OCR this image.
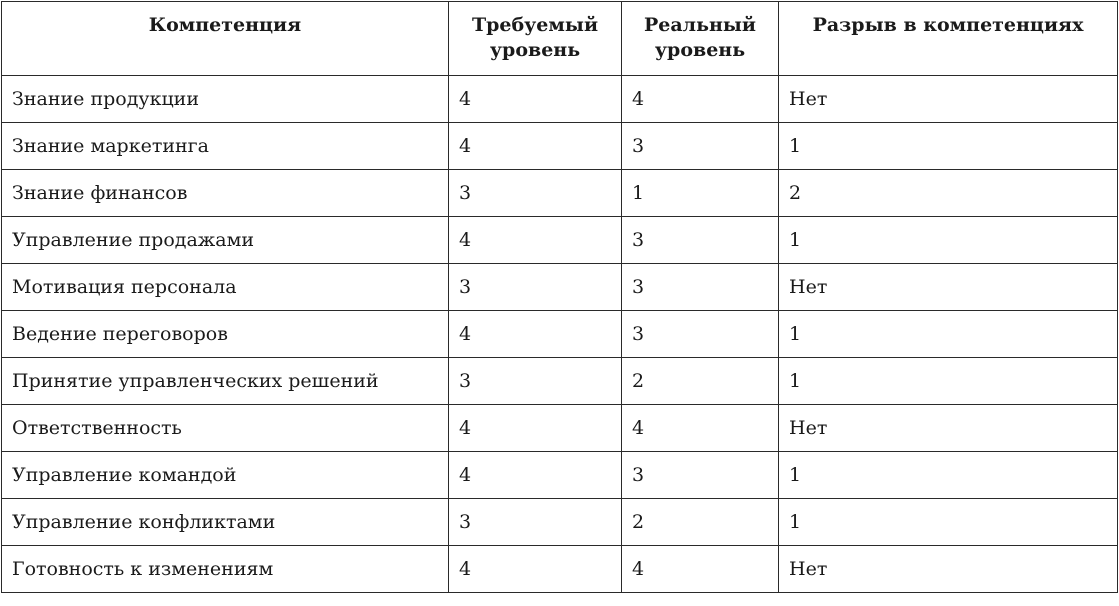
Компетенция	Требуемый уровень	Реальный уровень	Разрыв в компетенциях
Знание продукции	4	4	Нет
Знание маркетинга	4	3	1
Знание финансов	3	1	2
Управление продажами	4	3	1
Мотивация персонала	3	3	Нет
Ведение переговоров	4	3	1
Принятие управленческих решений	3	2	1
Ответственность	4	4	Нет
Управление командой	4	3	1
Управление конфликтами	3	2	1
Готовность к изменениям	4	4	Нет
